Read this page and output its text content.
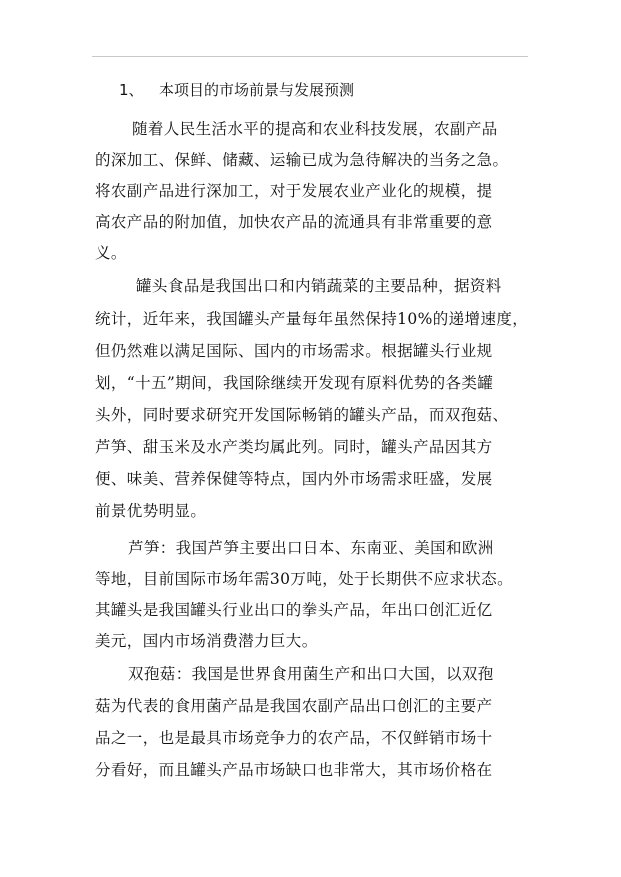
1、 本项目的市场前景与发展预测
随着人民生活水平的提高和农业科技发展，农副产品
的深加工、保鲜、储藏、运输已成为急待解决的当务之急。
将农副产品进行深加工，对于发展农业产业化的规模，提
高农产品的附加值，加快农产品的流通具有非常重要的意
义。
罐头食品是我国出口和内销蔬菜的主要品种，据资料
统计，近年来，我国罐头产量每年虽然保持10%的递增速度，
但仍然难以满足国际、国内的市场需求。根据罐头行业规
划，“十五”期间，我国除继续开发现有原料优势的各类罐
头外，同时要求研究开发国际畅销的罐头产品，而双孢菇、
芦笋、甜玉米及水产类均属此列。同时，罐头产品因其方
便、味美、营养保健等特点，国内外市场需求旺盛，发展
前景优势明显。
芦笋：我国芦笋主要出口日本、东南亚、美国和欧洲
等地，目前国际市场年需30万吨，处于长期供不应求状态。
其罐头是我国罐头行业出口的拳头产品，年出口创汇近亿
美元，国内市场消费潜力巨大。
双孢菇：我国是世界食用菌生产和出口大国，以双孢
菇为代表的食用菌产品是我国农副产品出口创汇的主要产
品之一，也是最具市场竞争力的农产品，不仅鲜销市场十
分看好，而且罐头产品市场缺口也非常大，其市场价格在
